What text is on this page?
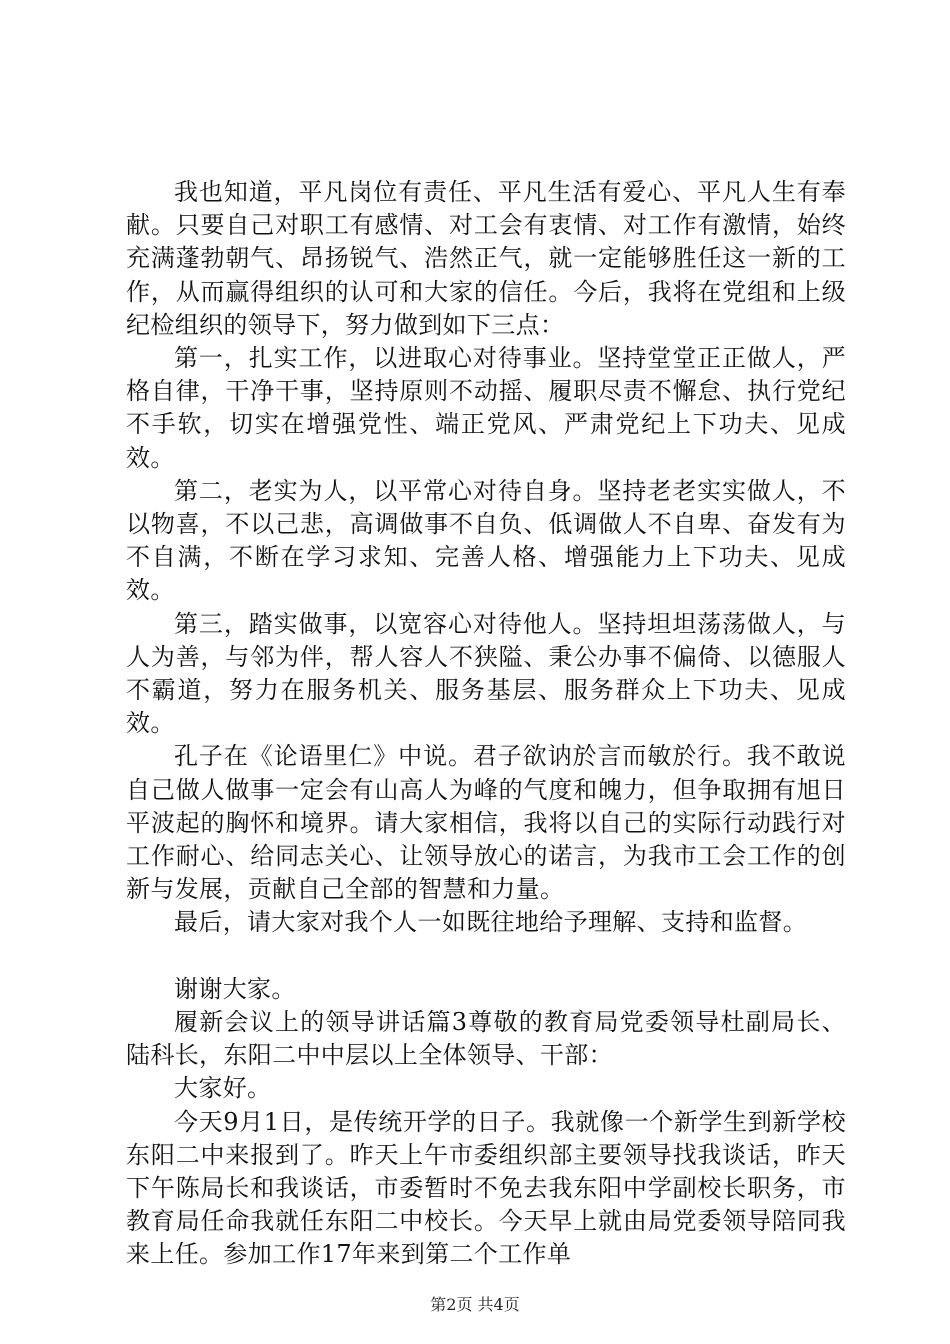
我也知道，平凡岗位有责任、平凡生活有爱心、平凡人生有奉献。只要自己对职工有感情、对工会有衷情、对工作有激情，始终充满蓬勃朝气、昂扬锐气、浩然正气，就一定能够胜任这一新的工作，从而赢得组织的认可和大家的信任。今后，我将在党组和上级纪检组织的领导下，努力做到如下三点：

第一，扎实工作，以进取心对待事业。坚持堂堂正正做人，严格自律，干净干事，坚持原则不动摇、履职尽责不懈怠、执行党纪不手软，切实在增强党性、端正党风、严肃党纪上下功夫、见成效。

第二，老实为人，以平常心对待自身。坚持老老实实做人，不以物喜，不以己悲，高调做事不自负、低调做人不自卑、奋发有为不自满，不断在学习求知、完善人格、增强能力上下功夫、见成效。

第三，踏实做事，以宽容心对待他人。坚持坦坦荡荡做人，与人为善，与邻为伴，帮人容人不狭隘、秉公办事不偏倚、以德服人不霸道，努力在服务机关、服务基层、服务群众上下功夫、见成效。

孔子在《论语里仁》中说。君子欲讷於言而敏於行。我不敢说自己做人做事一定会有山高人为峰的气度和魄力，但争取拥有旭日平波起的胸怀和境界。请大家相信，我将以自己的实际行动践行对工作耐心、给同志关心、让领导放心的诺言，为我市工会工作的创新与发展，贡献自己全部的智慧和力量。

最后，请大家对我个人一如既往地给予理解、支持和监督。

谢谢大家。

履新会议上的领导讲话篇3尊敬的教育局党委领导杜副局长、陆科长，东阳二中中层以上全体领导、干部：

大家好。

今天9月1日，是传统开学的日子。我就像一个新学生到新学校东阳二中来报到了。昨天上午市委组织部主要领导找我谈话，昨天下午陈局长和我谈话，市委暂时不免去我东阳中学副校长职务，市教育局任命我就任东阳二中校长。今天早上就由局党委领导陪同我来上任。参加工作17年来到第二个工作单

第2页 共4页
